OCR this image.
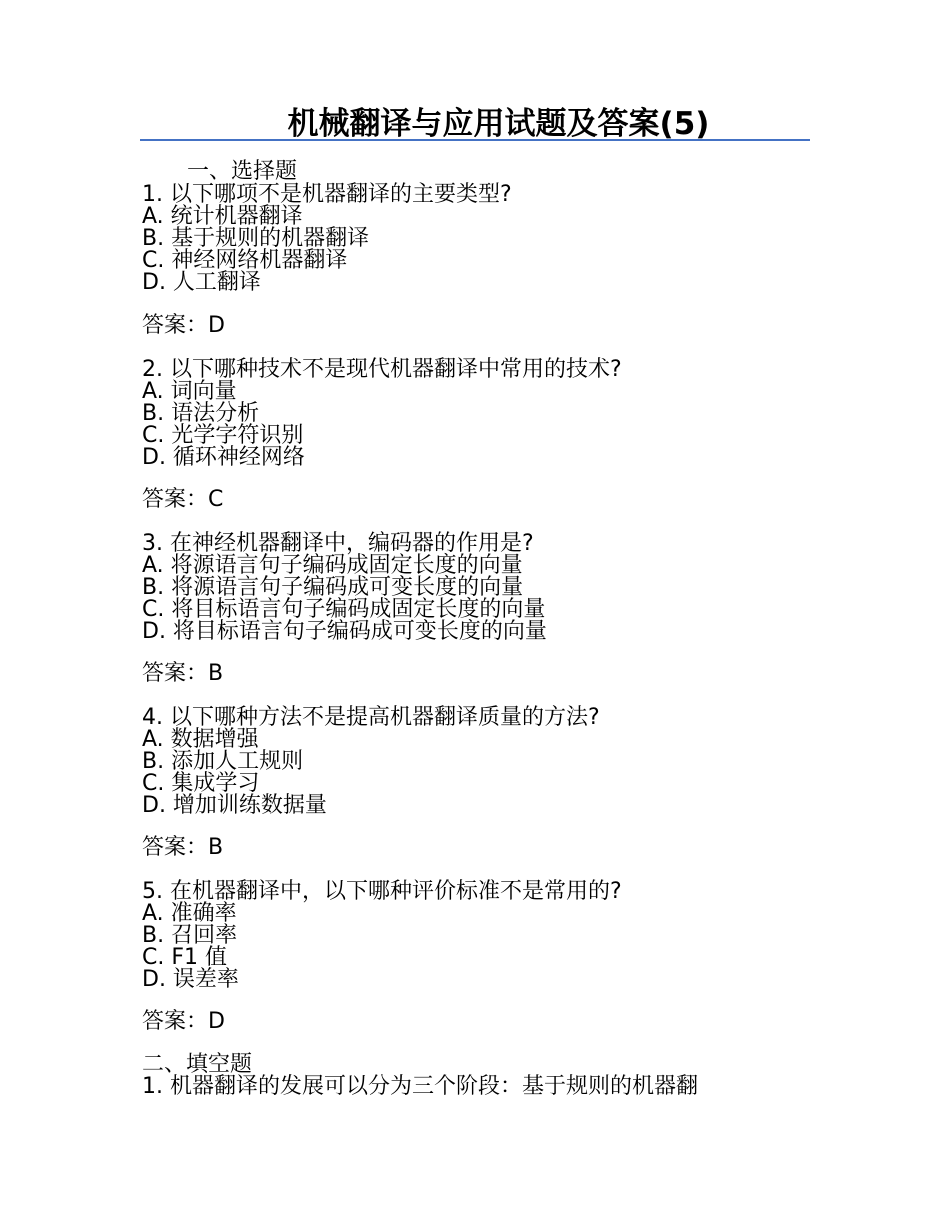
机械翻译与应用试题及答案(5)
一、选择题
1. 以下哪项不是机器翻译的主要类型?
A. 统计机器翻译
B. 基于规则的机器翻译
C. 神经网络机器翻译
D. 人工翻译
答案：D
2. 以下哪种技术不是现代机器翻译中常用的技术?
A. 词向量
B. 语法分析
C. 光学字符识别
D. 循环神经网络
答案：C
3. 在神经机器翻译中，编码器的作用是?
A. 将源语言句子编码成固定长度的向量
B. 将源语言句子编码成可变长度的向量
C. 将目标语言句子编码成固定长度的向量
D. 将目标语言句子编码成可变长度的向量
答案：B
4. 以下哪种方法不是提高机器翻译质量的方法?
A. 数据增强
B. 添加人工规则
C. 集成学习
D. 增加训练数据量
答案：B
5. 在机器翻译中，以下哪种评价标准不是常用的?
A. 准确率
B. 召回率
C. F1 值
D. 误差率
答案：D
二、填空题
1. 机器翻译的发展可以分为三个阶段：基于规则的机器翻
